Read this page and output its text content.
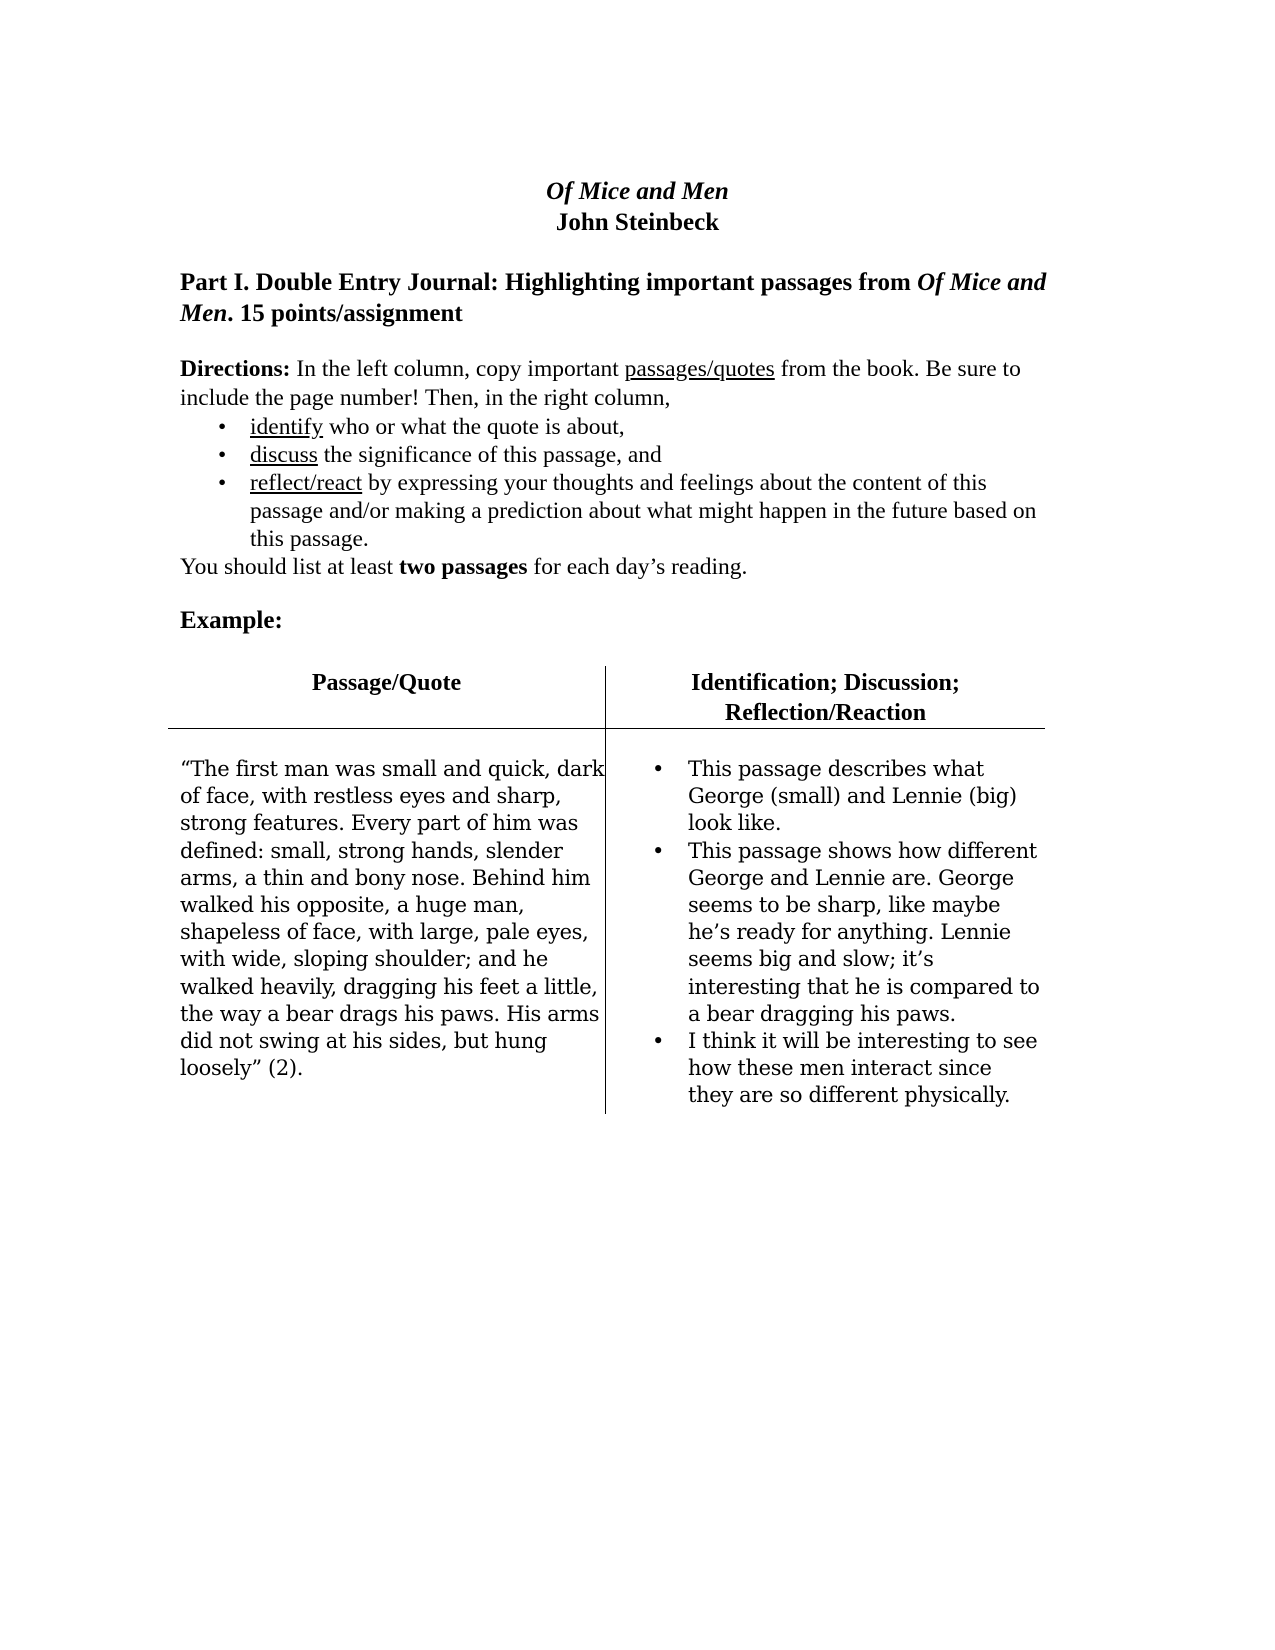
Of Mice and Men
John Steinbeck
Part I. Double Entry Journal: Highlighting important passages from Of Mice and Men. 15 points/assignment
Directions: In the left column, copy important passages/quotes from the book. Be sure to include the page number! Then, in the right column,
• identify who or what the quote is about,
• discuss the significance of this passage, and
• reflect/react by expressing your thoughts and feelings about the content of this passage and/or making a prediction about what might happen in the future based on this passage.
You should list at least two passages for each day’s reading.
Example:
Passage/Quote	Identification; Discussion; Reflection/Reaction
“The first man was small and quick, dark of face, with restless eyes and sharp, strong features. Every part of him was defined: small, strong hands, slender arms, a thin and bony nose. Behind him walked his opposite, a huge man, shapeless of face, with large, pale eyes, with wide, sloping shoulder; and he walked heavily, dragging his feet a little, the way a bear drags his paws. His arms did not swing at his sides, but hung loosely” (2).
• This passage describes what George (small) and Lennie (big) look like.
• This passage shows how different George and Lennie are. George seems to be sharp, like maybe he’s ready for anything. Lennie seems big and slow; it’s interesting that he is compared to a bear dragging his paws.
• I think it will be interesting to see how these men interact since they are so different physically.
